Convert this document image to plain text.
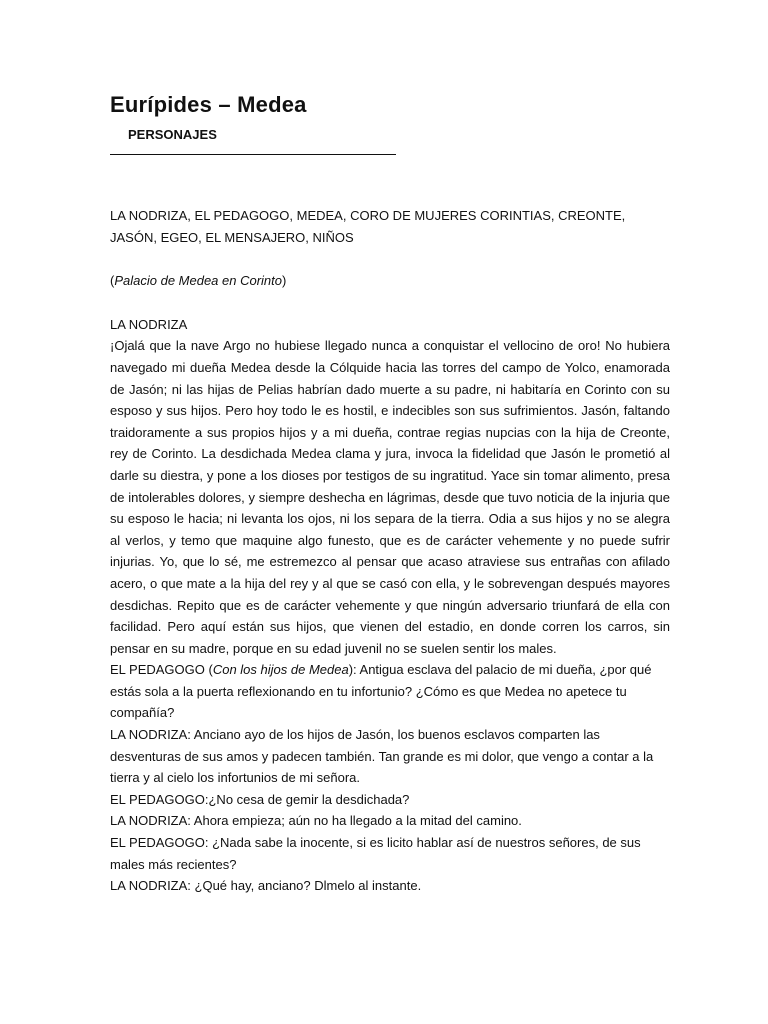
Eurípides – Medea
PERSONAJES

LA NODRIZA, EL PEDAGOGO, MEDEA, CORO DE MUJERES CORINTIAS, CREONTE, JASÓN, EGEO, EL MENSAJERO, NIÑOS

(Palacio de Medea en Corinto)

LA NODRIZA

¡Ojalá que la nave Argo no hubiese llegado nunca a conquistar el vellocino de oro! No hubiera navegado mi dueña Medea desde la Cólquide hacia las torres del campo de Yolco, enamorada de Jasón; ni las hijas de Pelias habrían dado muerte a su padre, ni habitaría en Corinto con su esposo y sus hijos. Pero hoy todo le es hostil, e indecibles son sus sufrimientos. Jasón, faltando traidoramente a sus propios hijos y a mi dueña, contrae regias nupcias con la hija de Creonte, rey de Corinto. La desdichada Medea clama y jura, invoca la fidelidad que Jasón le prometió al darle su diestra, y pone a los dioses por testigos de su ingratitud. Yace sin tomar alimento, presa de intolerables dolores, y siempre deshecha en lágrimas, desde que tuvo noticia de la injuria que su esposo le hacia; ni levanta los ojos, ni los separa de la tierra. Odia a sus hijos y no se alegra al verlos, y temo que maquine algo funesto, que es de carácter vehemente y no puede sufrir injurias. Yo, que lo sé, me estremezco al pensar que acaso atraviese sus entrañas con afilado acero, o que mate a la hija del rey y al que se casó con ella, y le sobrevengan después mayores desdichas. Repito que es de carácter vehemente y que ningún adversario triunfará de ella con facilidad. Pero aquí están sus hijos, que vienen del estadio, en donde corren los carros, sin pensar en su madre, porque en su edad juvenil no se suelen sentir los males.

EL PEDAGOGO (Con los hijos de Medea): Antigua esclava del palacio de mi dueña, ¿por qué estás sola a la puerta reflexionando en tu infortunio? ¿Cómo es que Medea no apetece tu compañía?

LA NODRIZA: Anciano ayo de los hijos de Jasón, los buenos esclavos comparten las desventuras de sus amos y padecen también. Tan grande es mi dolor, que vengo a contar a la tierra y al cielo los infortunios de mi señora.

EL PEDAGOGO:¿No cesa de gemir la desdichada?

LA NODRIZA: Ahora empieza; aún no ha llegado a la mitad del camino.

EL PEDAGOGO: ¿Nada sabe la inocente, si es licito hablar así de nuestros señores, de sus males más recientes?

LA NODRIZA: ¿Qué hay, anciano? Dlmelo al instante.
